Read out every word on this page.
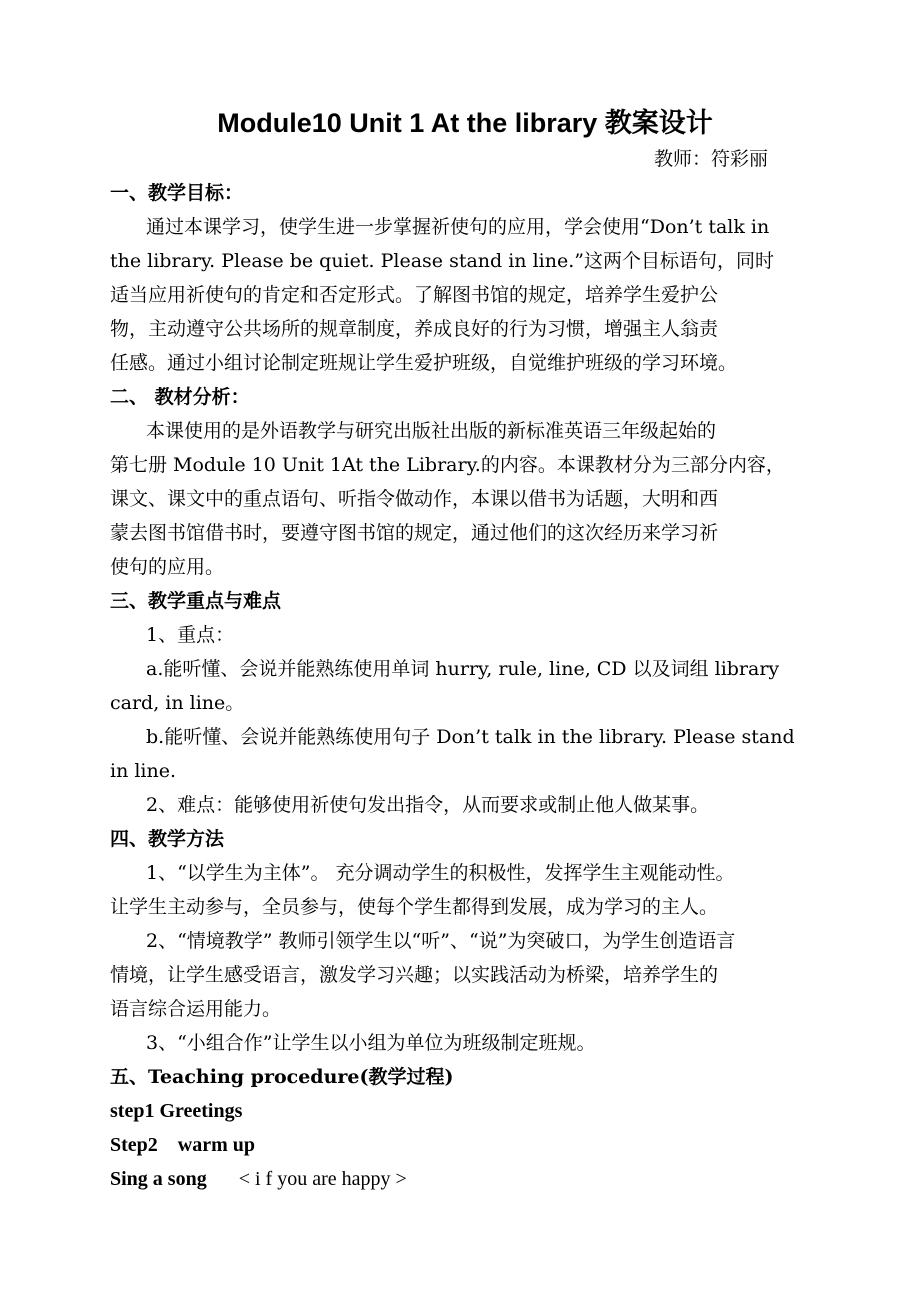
Module10 Unit 1 At the library 教案设计
教师：符彩丽
一、教学目标：
通过本课学习，使学生进一步掌握祈使句的应用，学会使用“Don’t talk in
the library. Please be quiet. Please stand in line.”这两个目标语句，同时
适当应用祈使句的肯定和否定形式。了解图书馆的规定，培养学生爱护公
物，主动遵守公共场所的规章制度，养成良好的行为习惯，增强主人翁责
任感。通过小组讨论制定班规让学生爱护班级，自觉维护班级的学习环境。
二、 教材分析：
本课使用的是外语教学与研究出版社出版的新标准英语三年级起始的
第七册 Module 10 Unit 1At the Library.的内容。本课教材分为三部分内容，
课文、课文中的重点语句、听指令做动作，本课以借书为话题，大明和西
蒙去图书馆借书时，要遵守图书馆的规定，通过他们的这次经历来学习祈
使句的应用。
三、教学重点与难点
1、重点：
a.能听懂、会说并能熟练使用单词 hurry, rule, line, CD 以及词组 library
card, in line。
b.能听懂、会说并能熟练使用句子 Don’t talk in the library. Please stand
in line.
2、难点：能够使用祈使句发出指令，从而要求或制止他人做某事。
四、教学方法
1、“以学生为主体”。 充分调动学生的积极性，发挥学生主观能动性。
让学生主动参与，全员参与，使每个学生都得到发展，成为学习的主人。
2、“情境教学” 教师引领学生以“听”、“说”为突破口，为学生创造语言
情境，让学生感受语言，激发学习兴趣；以实践活动为桥梁，培养学生的
语言综合运用能力。
3、“小组合作”让学生以小组为单位为班级制定班规。
五、Teaching procedure(教学过程)
step1 Greetings
Step2    warm up
Sing a song < i f you are happy >
